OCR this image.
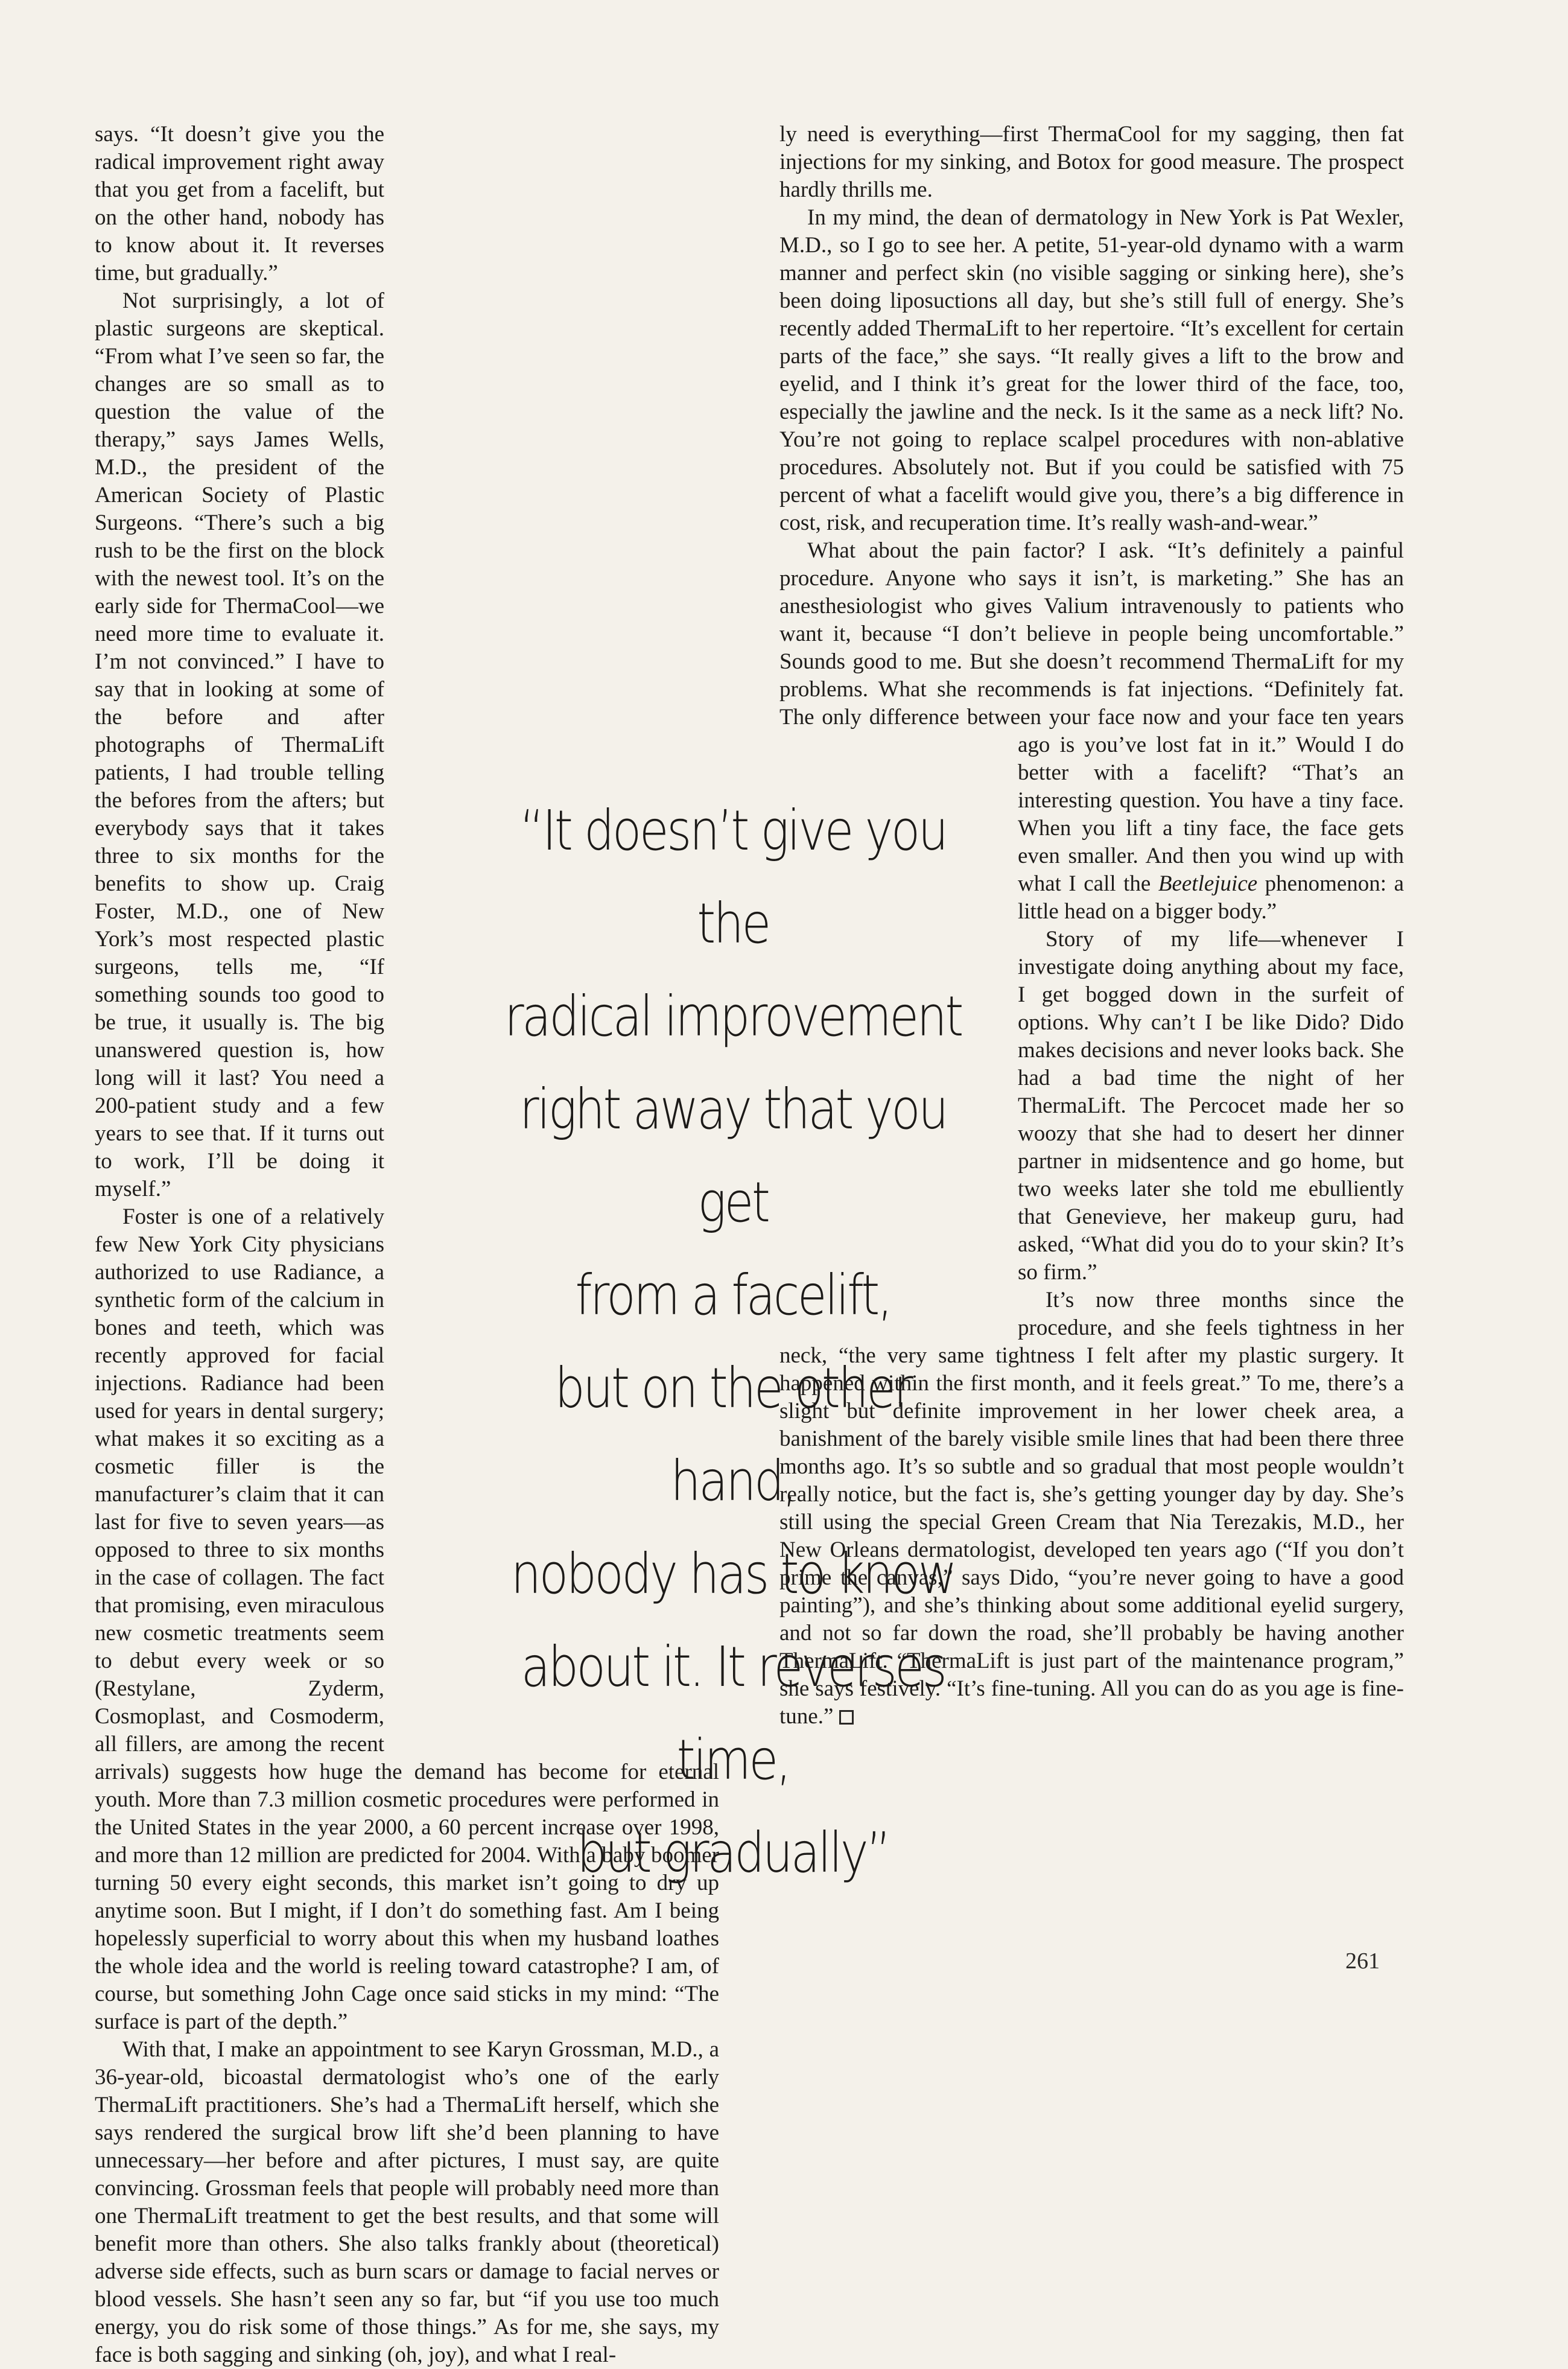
says. “It doesn’t give you the radical improvement right away that you get from a facelift, but on the other hand, nobody has to know about it. It reverses time, but gradually.”

Not surprisingly, a lot of plastic surgeons are skeptical. “From what I’ve seen so far, the changes are so small as to question the value of the therapy,” says James Wells, M.D., the president of the American Society of Plastic Surgeons. “There’s such a big rush to be the first on the block with the newest tool. It’s on the early side for ThermaCool—we need more time to evaluate it. I’m not convinced.” I have to say that in looking at some of the before and after photographs of ThermaLift patients, I had trouble telling the befores from the afters; but everybody says that it takes three to six months for the benefits to show up. Craig Foster, M.D., one of New York’s most respected plastic surgeons, tells me, “If something sounds too good to be true, it usually is. The big unanswered question is, how long will it last? You need a 200-patient study and a few years to see that. If it turns out to work, I’ll be doing it myself.”

Foster is one of a relatively few New York City physicians authorized to use Radiance, a synthetic form of the calcium in bones and teeth, which was recently approved for facial injections. Radiance had been used for years in dental surgery; what makes it so exciting as a cosmetic filler is the manufacturer’s claim that it can last for five to seven years—as opposed to three to six months in the case of collagen. The fact that promising, even miraculous new cosmetic treatments seem to debut every week or so (Restylane, Zyderm, Cosmoplast, and Cosmoderm, all fillers, are among the recent arrivals) suggests how huge the demand has become for eternal youth. More than 7.3 million cosmetic procedures were performed in the United States in the year 2000, a 60 percent increase over 1998, and more than 12 million are predicted for 2004. With a baby boomer turning 50 every eight seconds, this market isn’t going to dry up anytime soon. But I might, if I don’t do something fast. Am I being hopelessly superficial to worry about this when my husband loathes the whole idea and the world is reeling toward catastrophe? I am, of course, but something John Cage once said sticks in my mind: “The surface is part of the depth.”

With that, I make an appointment to see Karyn Grossman, M.D., a 36-year-old, bicoastal dermatologist who’s one of the early ThermaLift practitioners. She’s had a ThermaLift herself, which she says rendered the surgical brow lift she’d been planning to have unnecessary—her before and after pictures, I must say, are quite convincing. Grossman feels that people will probably need more than one ThermaLift treatment to get the best results, and that some will benefit more than others. She also talks frankly about (theoretical) adverse side effects, such as burn scars or damage to facial nerves or blood vessels. She hasn’t seen any so far, but “if you use too much energy, you do risk some of those things.” As for me, she says, my face is both sagging and sinking (oh, joy), and what I real-

ly need is everything—first ThermaCool for my sagging, then fat injections for my sinking, and Botox for good measure. The prospect hardly thrills me.

In my mind, the dean of dermatology in New York is Pat Wexler, M.D., so I go to see her. A petite, 51-year-old dynamo with a warm manner and perfect skin (no visible sagging or sinking here), she’s been doing liposuctions all day, but she’s still full of energy. She’s recently added ThermaLift to her repertoire. “It’s excellent for certain parts of the face,” she says. “It really gives a lift to the brow and eyelid, and I think it’s great for the lower third of the face, too, especially the jawline and the neck. Is it the same as a neck lift? No. You’re not going to replace scalpel procedures with non-ablative procedures. Absolutely not. But if you could be satisfied with 75 percent of what a facelift would give you, there’s a big difference in cost, risk, and recuperation time. It’s really wash-and-wear.”

What about the pain factor? I ask. “It’s definitely a painful procedure. Anyone who says it isn’t, is marketing.” She has an anesthesiologist who gives Valium intravenously to patients who want it, because “I don’t believe in people being uncomfortable.” Sounds good to me. But she doesn’t recommend ThermaLift for my problems. What she recommends is fat injections. “Definitely fat. The only difference between your face now and your face ten years ago is you’ve lost fat in it.” Would I do better with a facelift? “That’s an interesting question. You have a tiny face. When you lift a tiny face, the face gets even smaller. And then you wind up with what I call the Beetlejuice phenomenon: a little head on a bigger body.”

Story of my life—whenever I investigate doing anything about my face, I get bogged down in the surfeit of options. Why can’t I be like Dido? Dido makes decisions and never looks back. She had a bad time the night of her ThermaLift. The Percocet made her so woozy that she had to desert her dinner partner in midsentence and go home, but two weeks later she told me ebulliently that Genevieve, her makeup guru, had asked, “What did you do to your skin? It’s so firm.”

It’s now three months since the procedure, and she feels tightness in her neck, “the very same tightness I felt after my plastic surgery. It happened within the first month, and it feels great.” To me, there’s a slight but definite improvement in her lower cheek area, a banishment of the barely visible smile lines that had been there three months ago. It’s so subtle and so gradual that most people wouldn’t really notice, but the fact is, she’s getting younger day by day. She’s still using the special Green Cream that Nia Terezakis, M.D., her New Orleans dermatologist, developed ten years ago (“If you don’t prime the canvas,” says Dido, “you’re never going to have a good painting”), and she’s thinking about some additional eyelid surgery, and not so far down the road, she’ll probably be having another ThermaLift. “ThermaLift is just part of the maintenance program,” she says festively. “It’s fine-tuning. All you can do as you age is fine-tune.”

“It doesn’t give you the
radical improvement
right away that you get
from a facelift,
but on the other hand,
nobody has to know
about it. It reverses time,
but gradually”
261
